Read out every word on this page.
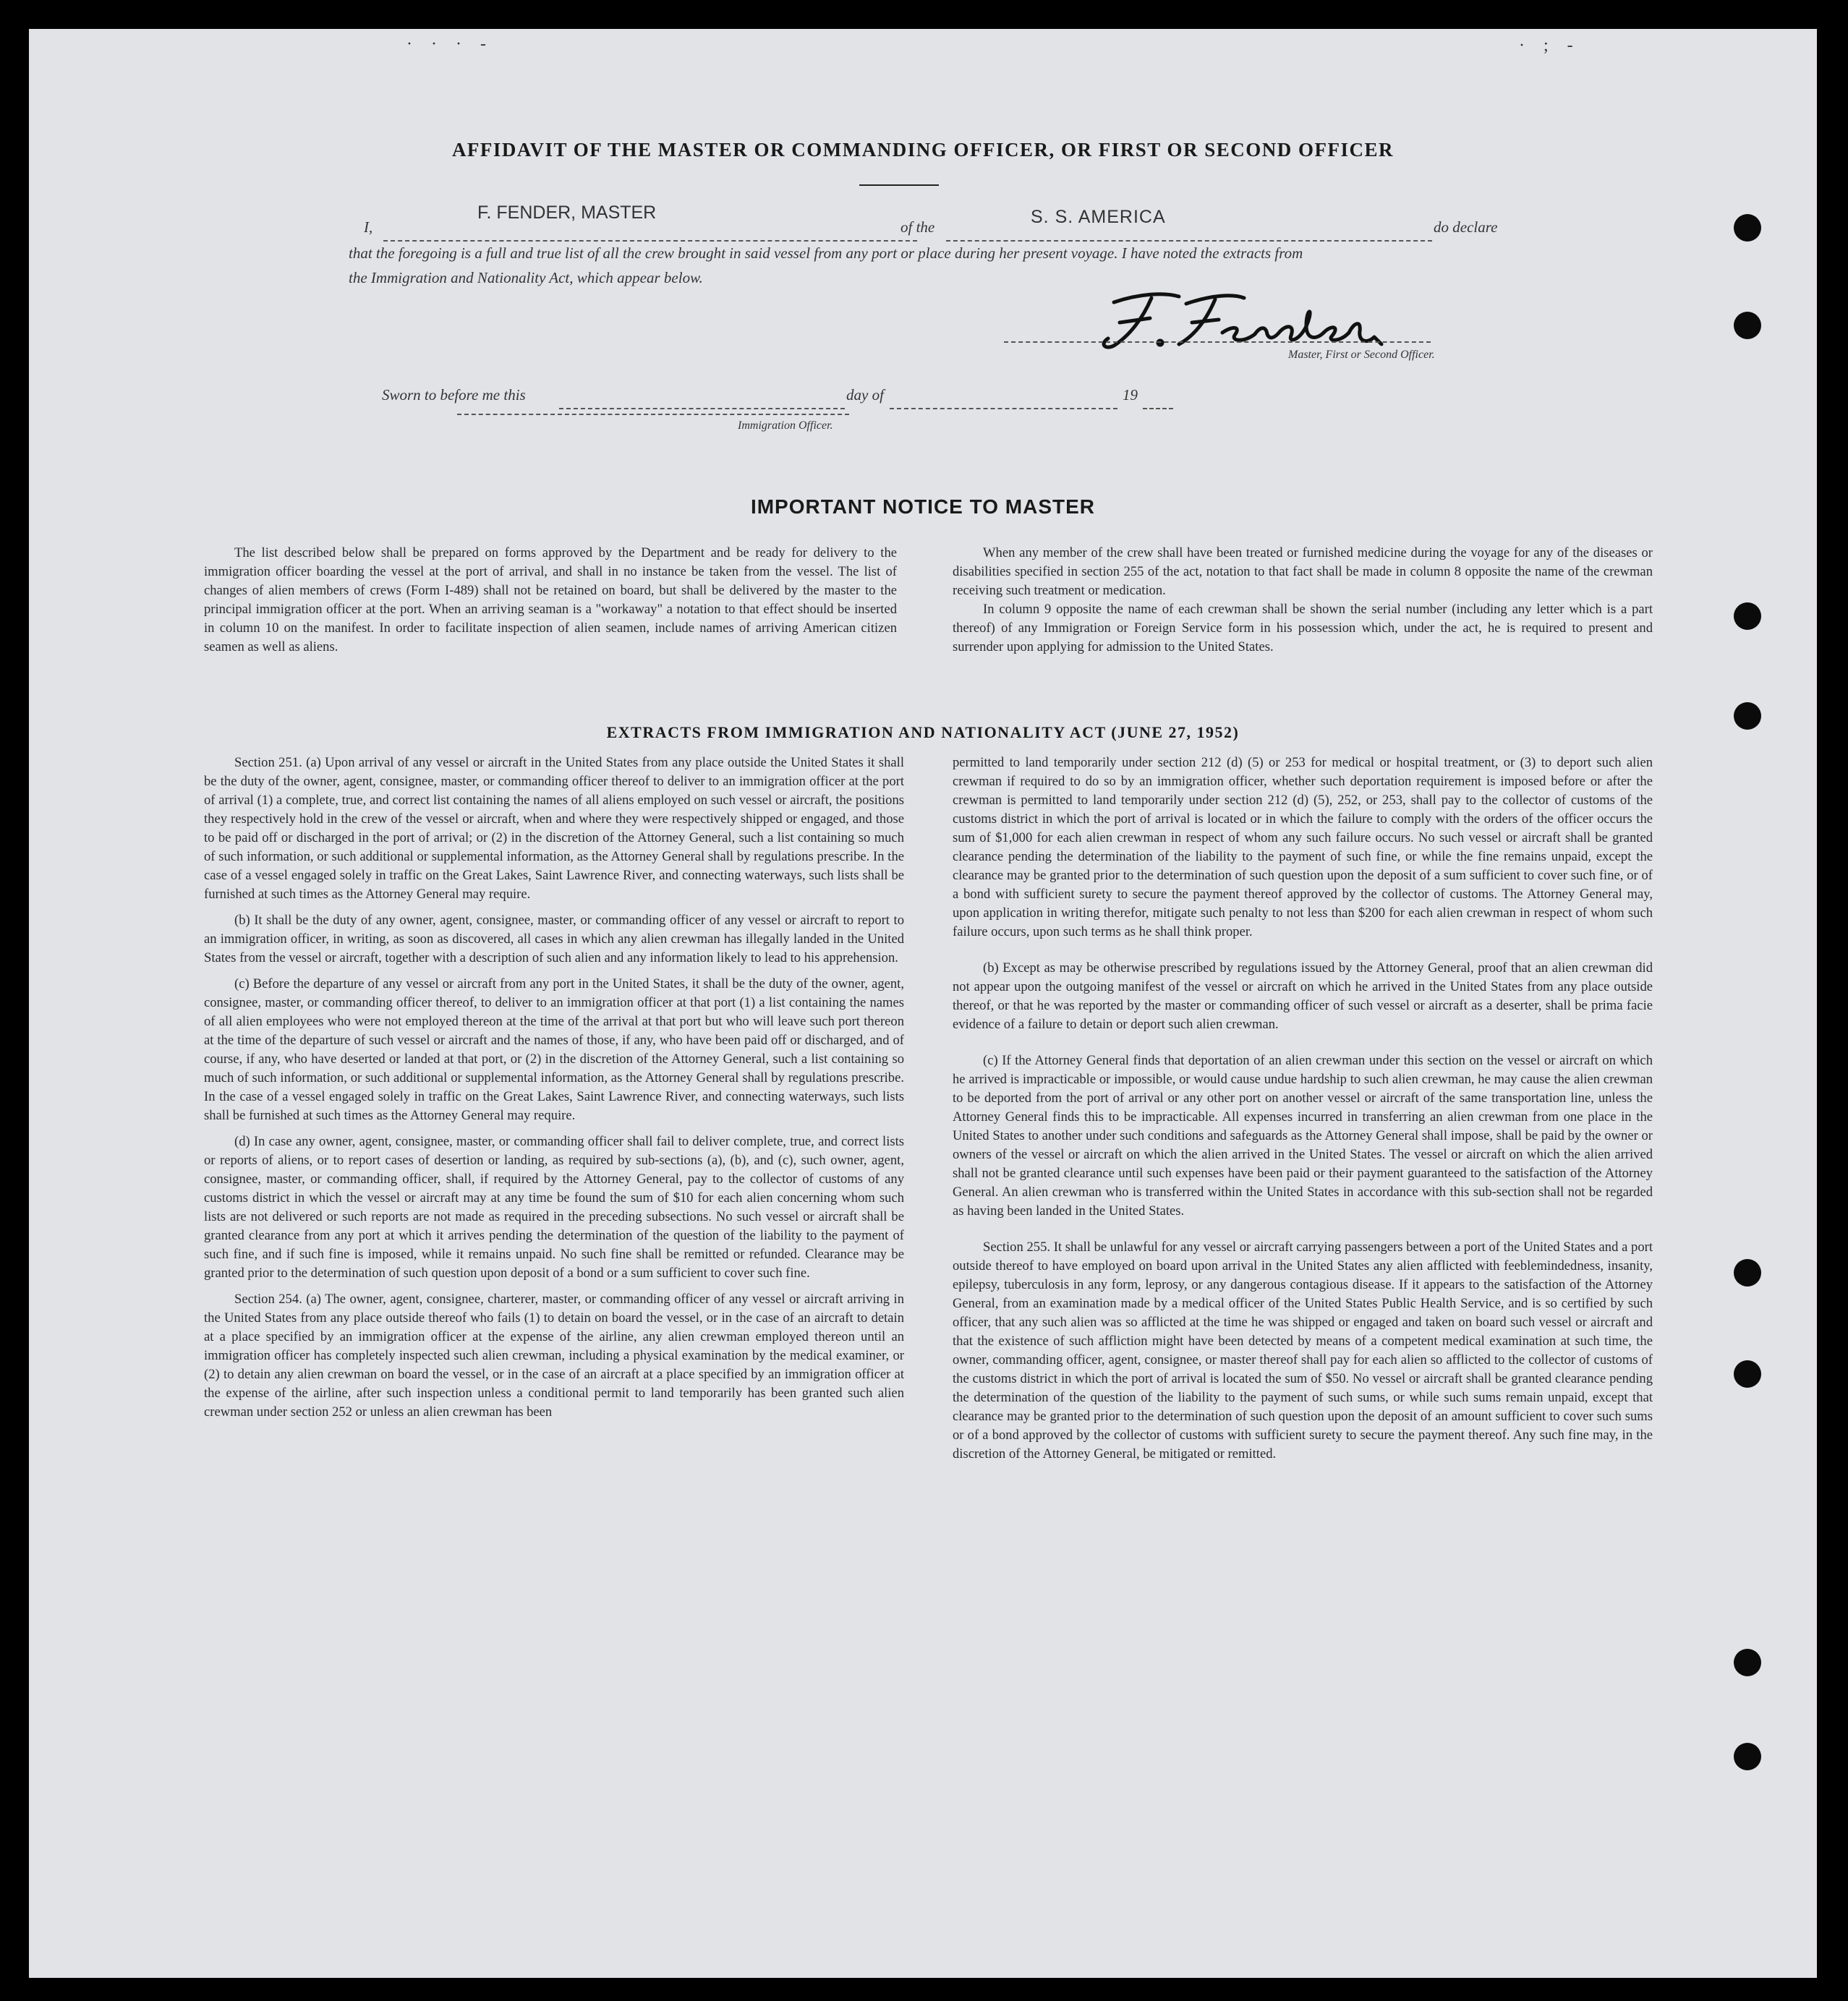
· · · -	· ; -
AFFIDAVIT OF THE MASTER OR COMMANDING OFFICER, OR FIRST OR SECOND OFFICER
I,
F. FENDER, MASTER
of the	S. S. AMERICA	do declare
that the foregoing is a full and true list of all the crew brought in said vessel from any port or place during her present voyage. I have noted the extracts from
the Immigration and Nationality Act, which appear below.
Master, First or Second Officer.
Sworn to before me this	day of	19
Immigration Officer.
IMPORTANT NOTICE TO MASTER

The list described below shall be prepared on forms approved by the Department and be ready for delivery to the immigration officer boarding the vessel at the port of arrival, and shall in no instance be taken from the vessel. The list of changes of alien members of crews (Form I-489) shall not be retained on board, but shall be delivered by the master to the principal immigration officer at the port. When an arriving seaman is a "workaway" a notation to that effect should be inserted in column 10 on the manifest. In order to facilitate inspection of alien seamen, include names of arriving American citizen seamen as well as aliens.

When any member of the crew shall have been treated or furnished medicine during the voyage for any of the diseases or disabilities specified in section 255 of the act, notation to that fact shall be made in column 8 opposite the name of the crewman receiving such treatment or medication.

In column 9 opposite the name of each crewman shall be shown the serial number (including any letter which is a part thereof) of any Immigration or Foreign Service form in his possession which, under the act, he is required to present and surrender upon applying for admission to the United States.

EXTRACTS FROM IMMIGRATION AND NATIONALITY ACT (JUNE 27, 1952)

Section 251. (a) Upon arrival of any vessel or aircraft in the United States from any place outside the United States it shall be the duty of the owner, agent, consignee, master, or commanding officer thereof to deliver to an immigration officer at the port of arrival (1) a complete, true, and correct list containing the names of all aliens employed on such vessel or aircraft, the positions they respectively hold in the crew of the vessel or aircraft, when and where they were respectively shipped or engaged, and those to be paid off or discharged in the port of arrival; or (2) in the discretion of the Attorney General, such a list containing so much of such information, or such additional or supplemental information, as the Attorney General shall by regulations prescribe. In the case of a vessel engaged solely in traffic on the Great Lakes, Saint Lawrence River, and connecting waterways, such lists shall be furnished at such times as the Attorney General may require.

(b) It shall be the duty of any owner, agent, consignee, master, or commanding officer of any vessel or aircraft to report to an immigration officer, in writing, as soon as discovered, all cases in which any alien crewman has illegally landed in the United States from the vessel or aircraft, together with a description of such alien and any information likely to lead to his apprehension.

(c) Before the departure of any vessel or aircraft from any port in the United States, it shall be the duty of the owner, agent, consignee, master, or commanding officer thereof, to deliver to an immigration officer at that port (1) a list containing the names of all alien employees who were not employed thereon at the time of the arrival at that port but who will leave such port thereon at the time of the departure of such vessel or aircraft and the names of those, if any, who have been paid off or discharged, and of course, if any, who have deserted or landed at that port, or (2) in the discretion of the Attorney General, such a list containing so much of such information, or such additional or supplemental information, as the Attorney General shall by regulations prescribe. In the case of a vessel engaged solely in traffic on the Great Lakes, Saint Lawrence River, and connecting waterways, such lists shall be furnished at such times as the Attorney General may require.

(d) In case any owner, agent, consignee, master, or commanding officer shall fail to deliver complete, true, and correct lists or reports of aliens, or to report cases of desertion or landing, as required by sub-sections (a), (b), and (c), such owner, agent, consignee, master, or commanding officer, shall, if required by the Attorney General, pay to the collector of customs of any customs district in which the vessel or aircraft may at any time be found the sum of $10 for each alien concerning whom such lists are not delivered or such reports are not made as required in the preceding subsections. No such vessel or aircraft shall be granted clearance from any port at which it arrives pending the determination of the question of the liability to the payment of such fine, and if such fine is imposed, while it remains unpaid. No such fine shall be remitted or refunded. Clearance may be granted prior to the determination of such question upon deposit of a bond or a sum sufficient to cover such fine.

Section 254. (a) The owner, agent, consignee, charterer, master, or commanding officer of any vessel or aircraft arriving in the United States from any place outside thereof who fails (1) to detain on board the vessel, or in the case of an aircraft to detain at a place specified by an immigration officer at the expense of the airline, any alien crewman employed thereon until an immigration officer has completely inspected such alien crewman, including a physical examination by the medical examiner, or (2) to detain any alien crewman on board the vessel, or in the case of an aircraft at a place specified by an immigration officer at the expense of the airline, after such inspection unless a conditional permit to land temporarily has been granted such alien crewman under section 252 or unless an alien crewman has been

permitted to land temporarily under section 212 (d) (5) or 253 for medical or hospital treatment, or (3) to deport such alien crewman if required to do so by an immigration officer, whether such deportation requirement is imposed before or after the crewman is permitted to land temporarily under section 212 (d) (5), 252, or 253, shall pay to the collector of customs of the customs district in which the port of arrival is located or in which the failure to comply with the orders of the officer occurs the sum of $1,000 for each alien crewman in respect of whom any such failure occurs. No such vessel or aircraft shall be granted clearance pending the determination of the liability to the payment of such fine, or while the fine remains unpaid, except the clearance may be granted prior to the determination of such question upon the deposit of a sum sufficient to cover such fine, or of a bond with sufficient surety to secure the payment thereof approved by the collector of customs. The Attorney General may, upon application in writing therefor, mitigate such penalty to not less than $200 for each alien crewman in respect of whom such failure occurs, upon such terms as he shall think proper.

(b) Except as may be otherwise prescribed by regulations issued by the Attorney General, proof that an alien crewman did not appear upon the outgoing manifest of the vessel or aircraft on which he arrived in the United States from any place outside thereof, or that he was reported by the master or commanding officer of such vessel or aircraft as a deserter, shall be prima facie evidence of a failure to detain or deport such alien crewman.

(c) If the Attorney General finds that deportation of an alien crewman under this section on the vessel or aircraft on which he arrived is impracticable or impossible, or would cause undue hardship to such alien crewman, he may cause the alien crewman to be deported from the port of arrival or any other port on another vessel or aircraft of the same transportation line, unless the Attorney General finds this to be impracticable. All expenses incurred in transferring an alien crewman from one place in the United States to another under such conditions and safeguards as the Attorney General shall impose, shall be paid by the owner or owners of the vessel or aircraft on which the alien arrived in the United States. The vessel or aircraft on which the alien arrived shall not be granted clearance until such expenses have been paid or their payment guaranteed to the satisfaction of the Attorney General. An alien crewman who is transferred within the United States in accordance with this sub-section shall not be regarded as having been landed in the United States.

Section 255. It shall be unlawful for any vessel or aircraft carrying passengers between a port of the United States and a port outside thereof to have employed on board upon arrival in the United States any alien afflicted with feeblemindedness, insanity, epilepsy, tuberculosis in any form, leprosy, or any dangerous contagious disease. If it appears to the satisfaction of the Attorney General, from an examination made by a medical officer of the United States Public Health Service, and is so certified by such officer, that any such alien was so afflicted at the time he was shipped or engaged and taken on board such vessel or aircraft and that the existence of such affliction might have been detected by means of a competent medical examination at such time, the owner, commanding officer, agent, consignee, or master thereof shall pay for each alien so afflicted to the collector of customs of the customs district in which the port of arrival is located the sum of $50. No vessel or aircraft shall be granted clearance pending the determination of the question of the liability to the payment of such sums, or while such sums remain unpaid, except that clearance may be granted prior to the determination of such question upon the deposit of an amount sufficient to cover such sums or of a bond approved by the collector of customs with sufficient surety to secure the payment thereof. Any such fine may, in the discretion of the Attorney General, be mitigated or remitted.
